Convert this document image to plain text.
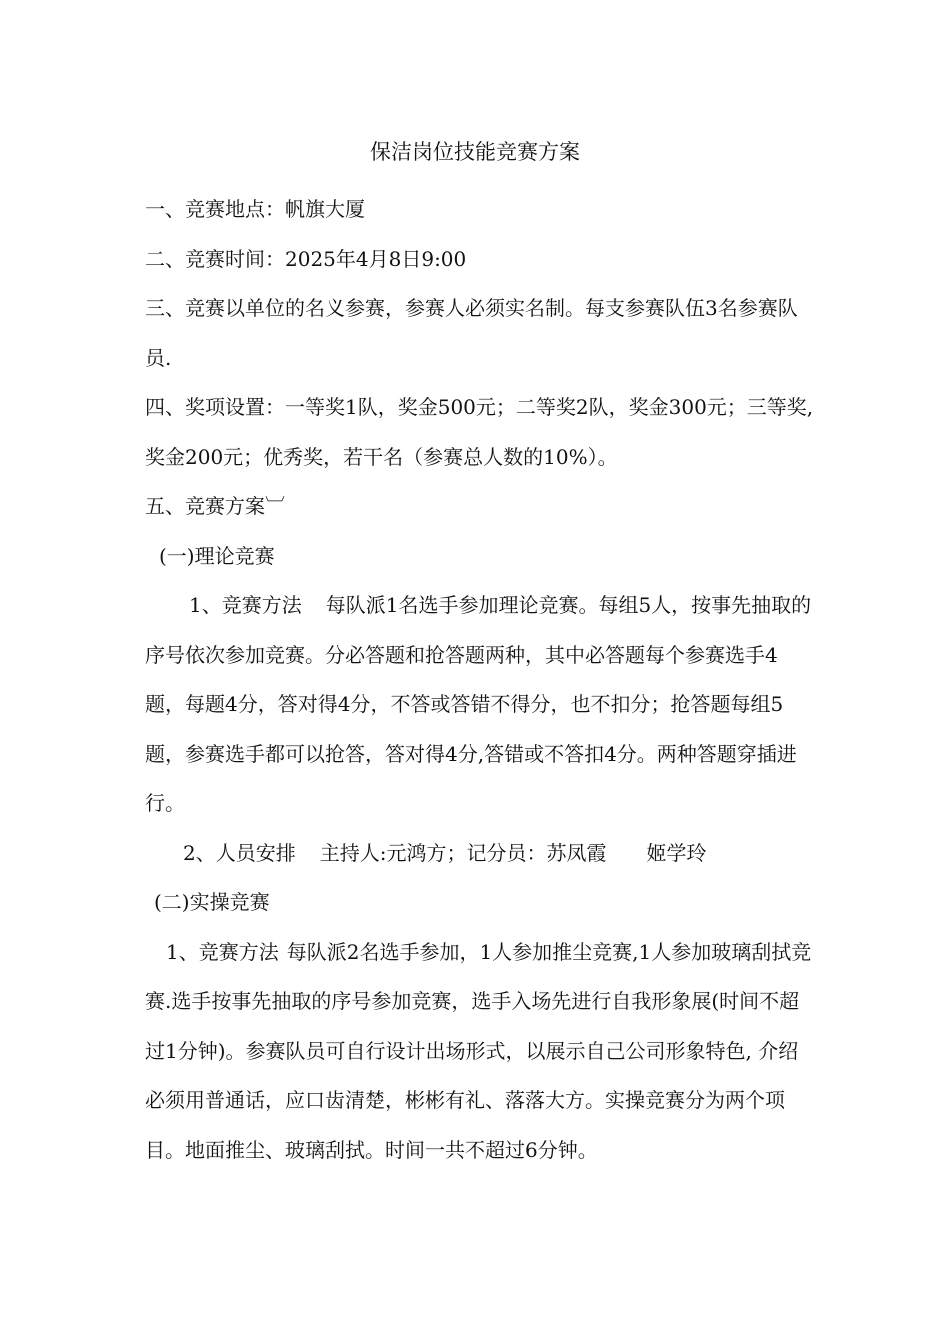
保洁岗位技能竞赛方案

一、竞赛地点：帆旗大厦

二、竞赛时间：2025年4月8日9:00

三、竞赛以单位的名义参赛，参赛人必须实名制。每支参赛队伍3名参赛队员.

四、奖项设置：一等奖1队，奖金500元；二等奖2队，奖金300元；三等奖,奖金200元；优秀奖，若干名（参赛总人数的10%）。

五、竞赛方案︺

(一)理论竞赛

1、竞赛方法 每队派1名选手参加理论竞赛。每组5人，按事先抽取的序号依次参加竞赛。分必答题和抢答题两种，其中必答题每个参赛选手4题，每题4分，答对得4分，不答或答错不得分，也不扣分；抢答题每组5题，参赛选手都可以抢答，答对得4分,答错或不答扣4分。两种答题穿插进行。

2、人员安排 主持人:元鸿方；记分员：苏凤霞 姬学玲

(二)实操竞赛

1、竞赛方法 每队派2名选手参加，1人参加推尘竞赛,1人参加玻璃刮拭竞赛.选手按事先抽取的序号参加竞赛，选手入场先进行自我形象展(时间不超过1分钟)。参赛队员可自行设计出场形式，以展示自己公司形象特色, 介绍必须用普通话，应口齿清楚，彬彬有礼、落落大方。实操竞赛分为两个项目。地面推尘、玻璃刮拭。时间一共不超过6分钟。
